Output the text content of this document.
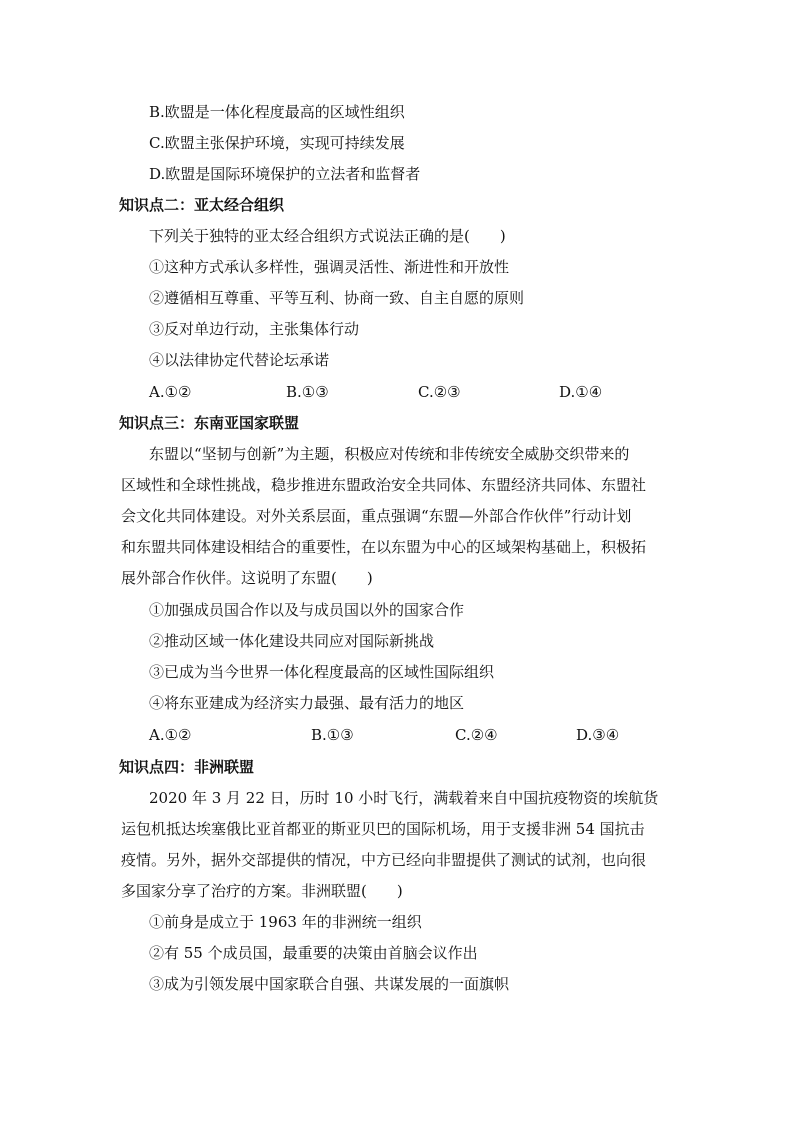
B.欧盟是一体化程度最高的区域性组织
C.欧盟主张保护环境，实现可持续发展
D.欧盟是国际环境保护的立法者和监督者
知识点二：亚太经合组织
下列关于独特的亚太经合组织方式说法正确的是(　　)
①这种方式承认多样性，强调灵活性、渐进性和开放性
②遵循相互尊重、平等互利、协商一致、自主自愿的原则
③反对单边行动，主张集体行动
④以法律协定代替论坛承诺
A.①②	B.①③	C.②③	D.①④
知识点三：东南亚国家联盟
东盟以“坚韧与创新”为主题，积极应对传统和非传统安全威胁交织带来的
区域性和全球性挑战，稳步推进东盟政治安全共同体、东盟经济共同体、东盟社
会文化共同体建设。对外关系层面，重点强调“东盟—外部合作伙伴”行动计划
和东盟共同体建设相结合的重要性，在以东盟为中心的区域架构基础上，积极拓
展外部合作伙伴。这说明了东盟(　　)
①加强成员国合作以及与成员国以外的国家合作
②推动区域一体化建设共同应对国际新挑战
③已成为当今世界一体化程度最高的区域性国际组织
④将东亚建成为经济实力最强、最有活力的地区
A.①②	B.①③	C.②④	D.③④
知识点四：非洲联盟
2020 年 3 月 22 日，历时 10 小时飞行，满载着来自中国抗疫物资的埃航货
运包机抵达埃塞俄比亚首都亚的斯亚贝巴的国际机场，用于支援非洲 54 国抗击
疫情。另外，据外交部提供的情况，中方已经向非盟提供了测试的试剂，也向很
多国家分享了治疗的方案。非洲联盟(　　)
①前身是成立于 1963 年的非洲统一组织
②有 55 个成员国，最重要的决策由首脑会议作出
③成为引领发展中国家联合自强、共谋发展的一面旗帜
